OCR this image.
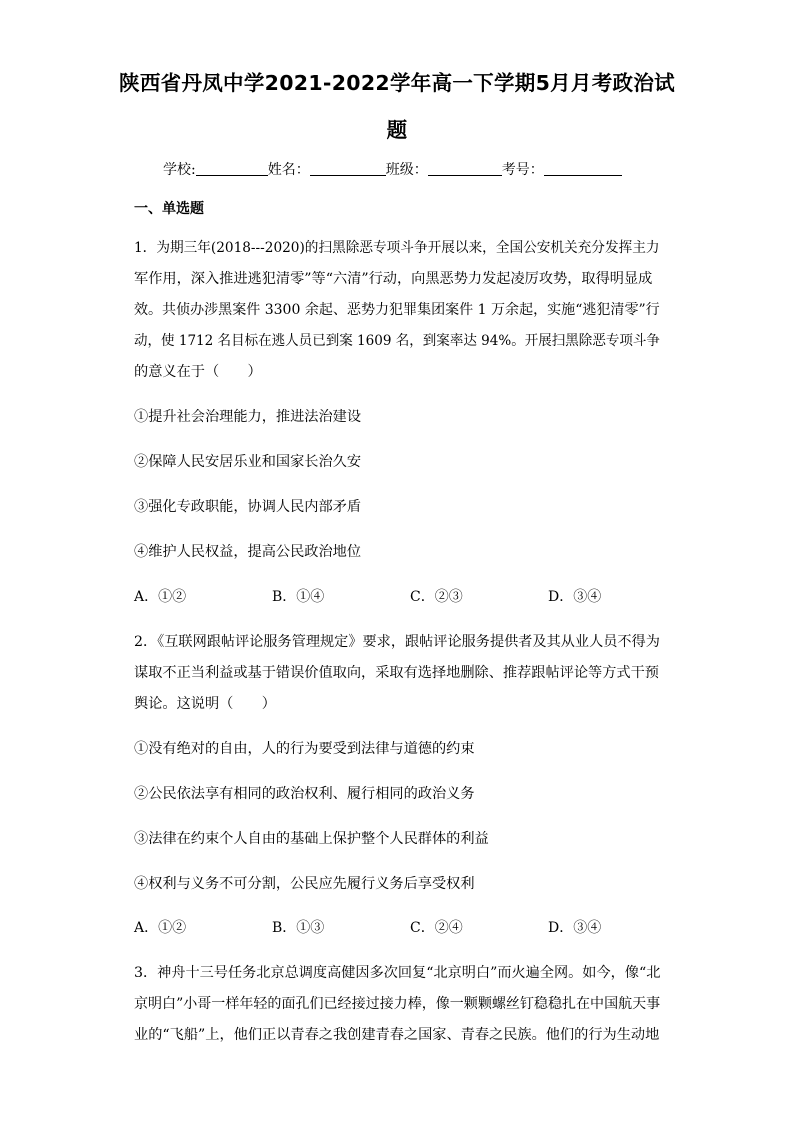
陕西省丹凤中学2021-2022学年高一下学期5月月考政治试
题
学校:	姓名：	班级：	考号：
一、单选题
1．为期三年(2018---2020)的扫黑除恶专项斗争开展以来，全国公安机关充分发挥主力
军作用，深入推进逃犯清零”等“六清”行动，向黑恶势力发起凌厉攻势，取得明显成
效。共侦办涉黑案件 3300 余起、恶势力犯罪集团案件 1 万余起，实施“逃犯清零”行
动，使 1712 名目标在逃人员已到案 1609 名，到案率达 94%。开展扫黑除恶专项斗争
的意义在于（　　）
①提升社会治理能力，推进法治建设
②保障人民安居乐业和国家长治久安
③强化专政职能，协调人民内部矛盾
④维护人民权益，提高公民政治地位
A．①②	B．①④	C．②③	D．③④
2．《互联网跟帖评论服务管理规定》要求，跟帖评论服务提供者及其从业人员不得为
谋取不正当利益或基于错误价值取向，采取有选择地删除、推荐跟帖评论等方式干预
舆论。这说明（　　）
①没有绝对的自由，人的行为要受到法律与道德的约束
②公民依法享有相同的政治权利、履行相同的政治义务
③法律在约束个人自由的基础上保护整个人民群体的利益
④权利与义务不可分割，公民应先履行义务后享受权利
A．①②	B．①③	C．②④	D．③④
3．神舟十三号任务北京总调度高健因多次回复“北京明白”而火遍全网。如今，像“北
京明白”小哥一样年轻的面孔们已经接过接力棒，像一颗颗螺丝钉稳稳扎在中国航天事
业的“飞船”上，他们正以青春之我创建青春之国家、青春之民族。他们的行为生动地
